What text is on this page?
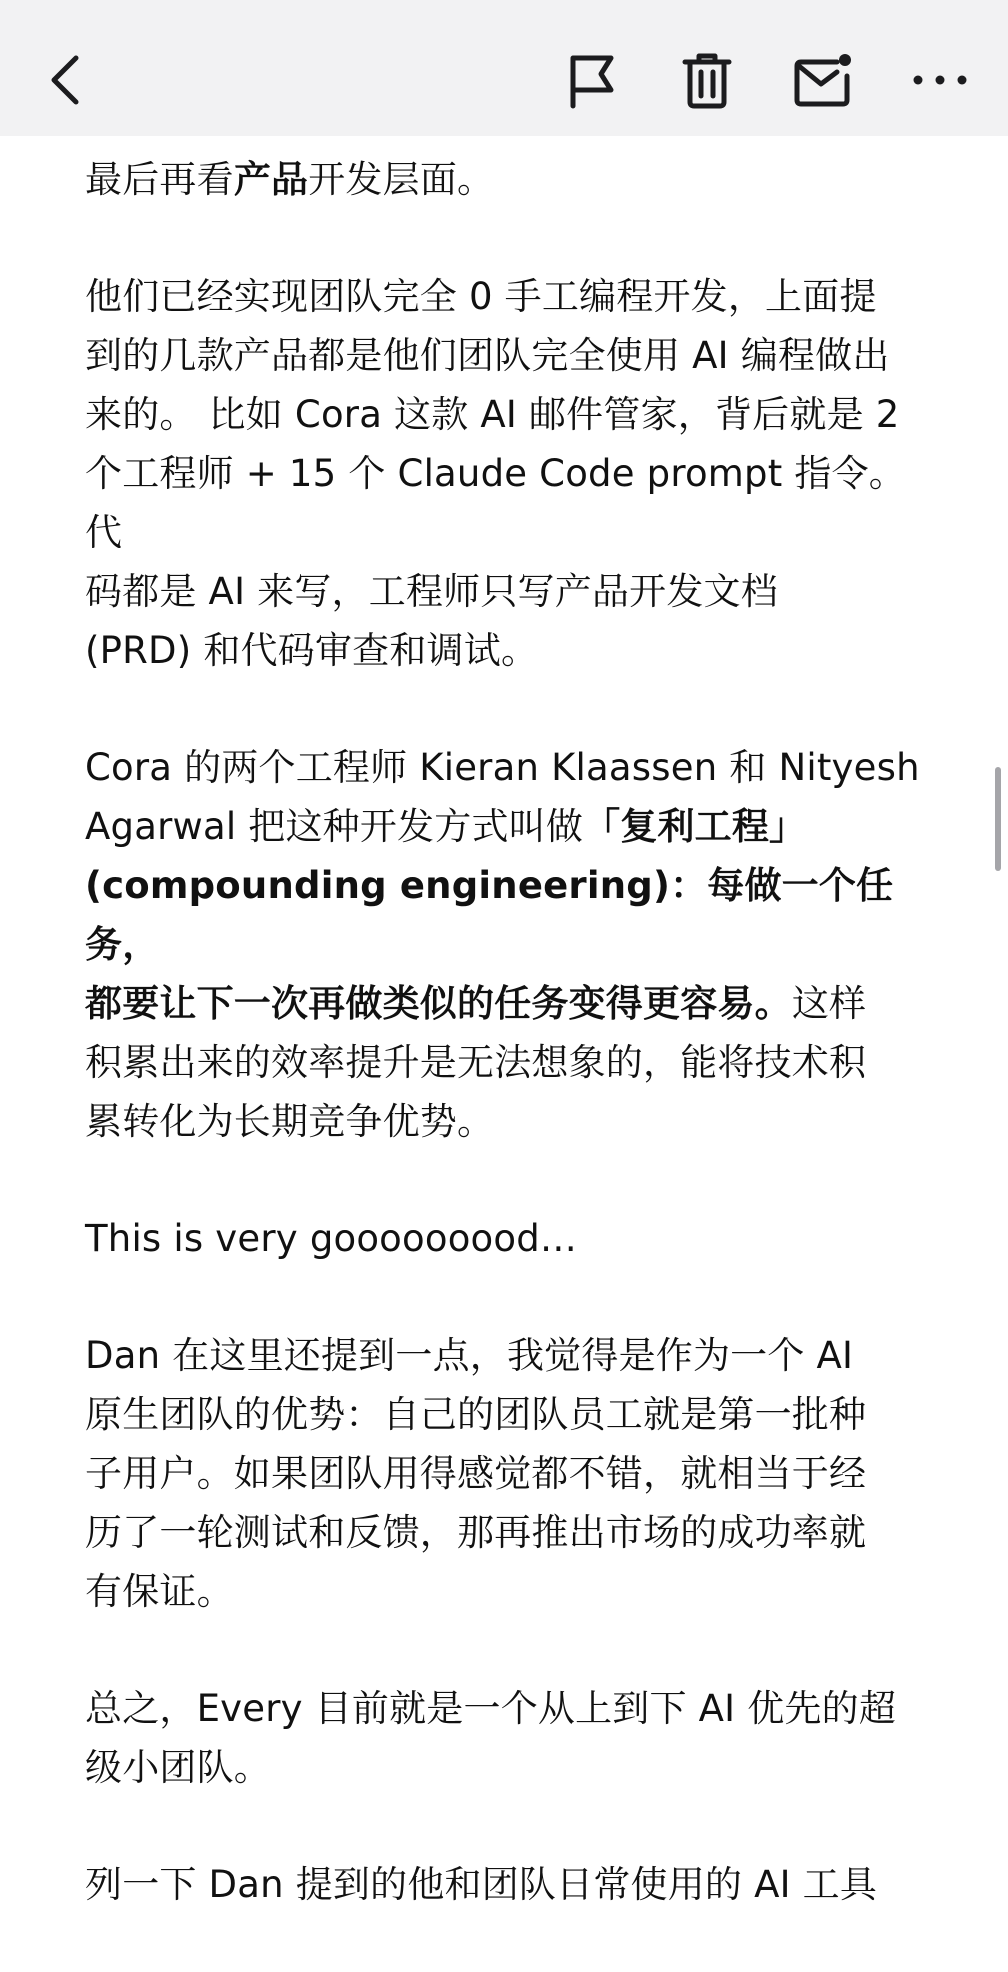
最后再看产品开发层面。

他们已经实现团队完全 0 手工编程开发，上面提
到的几款产品都是他们团队完全使用 AI 编程做出
来的。 比如 Cora 这款 AI 邮件管家，背后就是 2
个工程师 + 15 个 Claude Code prompt 指令。代
码都是 AI 来写，工程师只写产品开发文档
(PRD) 和代码审查和调试。

Cora 的两个工程师 Kieran Klaassen 和 Nityesh
Agarwal 把这种开发方式叫做「复利工程」
(compounding engineering)：每做一个任务，
都要让下一次再做类似的任务变得更容易。这样
积累出来的效率提升是无法想象的，能将技术积
累转化为长期竞争优势。

This is very gooooooood…

Dan 在这里还提到一点，我觉得是作为一个 AI
原生团队的优势：自己的团队员工就是第一批种
子用户。如果团队用得感觉都不错，就相当于经
历了一轮测试和反馈，那再推出市场的成功率就
有保证。

总之，Every 目前就是一个从上到下 AI 优先的超
级小团队。

列一下 Dan 提到的他和团队日常使用的 AI 工具
